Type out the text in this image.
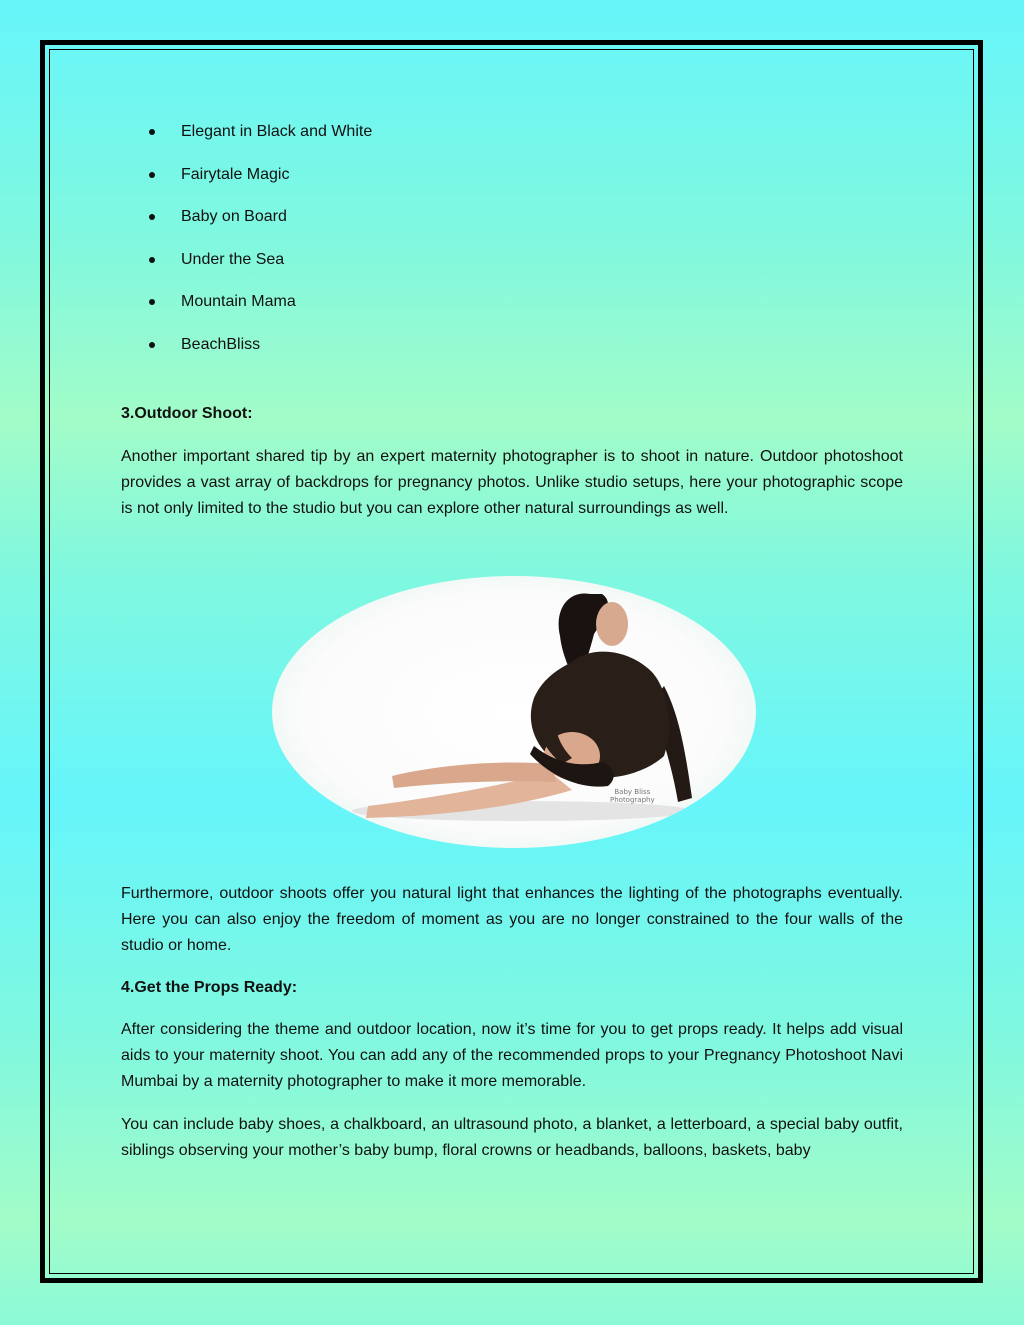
Elegant in Black and White
Fairytale Magic
Baby on Board
Under the Sea
Mountain Mama
BeachBliss
3.Outdoor Shoot:
Another important shared tip by an expert maternity photographer is to shoot in nature. Outdoor photoshoot provides a vast array of backdrops for pregnancy photos. Unlike studio setups, here your photographic scope is not only limited to the studio but you can explore other natural surroundings as well.
Furthermore, outdoor shoots offer you natural light that enhances the lighting of the photographs eventually. Here you can also enjoy the freedom of moment as you are no longer constrained to the four walls of the studio or home.
4.Get the Props Ready:
After considering the theme and outdoor location, now it’s time for you to get props ready. It helps add visual aids to your maternity shoot. You can add any of the recommended props to your Pregnancy Photoshoot Navi Mumbai by a maternity photographer to make it more memorable.
You can include baby shoes, a chalkboard, an ultrasound photo, a blanket, a letterboard, a special baby outfit, siblings observing your mother’s baby bump, floral crowns or headbands, balloons, baskets, baby
Baby Bliss
Photography
